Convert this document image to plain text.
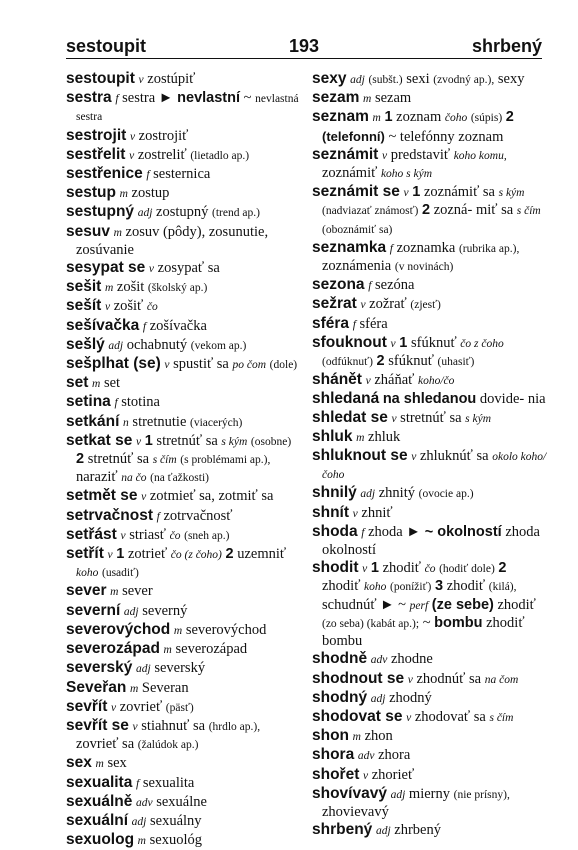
sestoupit	193	shrbený

sestoupit v zostúpiť

sestra f sestra ► nevlastní ~ nevlastná sestra

sestrojit v zostrojiť

sestřelit v zostreliť (lietadlo ap.)

sestřenice f sesternica

sestup m zostup

sestupný adj zostupný (trend ap.)

sesuv m zosuv (pôdy), zosunutie, zosúvanie

sesypat se v zosypať sa

sešit m zošit (školský ap.)

sešít v zošiť čo

sešívačka f zošívačka

sešlý adj ochabnutý (vekom ap.)

sešplhat (se) v spustiť sa po čom (dole)

set m set

setina f stotina

setkání n stretnutie (viacerých)

setkat se v 1 stretnúť sa s kým (osobne) 2 stretnúť sa s čím (s problémami ap.), naraziť na čo (na ťažkosti)

setmět se v zotmieť sa, zotmiť sa

setrvačnost f zotrvačnosť

setřást v striasť čo (sneh ap.)

setřít v 1 zotrieť čo (z čoho) 2 uzemniť koho (usadiť)

sever m sever

severní adj severný

severovýchod m severovýchod

severozápad m severozápad

severský adj severský

Seveřan m Severan

sevřít v zovrieť (päsť)

sevřít se v stiahnuť sa (hrdlo ap.), zovrieť sa (žalúdok ap.)

sex m sex

sexualita f sexualita

sexuálně adv sexuálne

sexuální adj sexuálny

sexuolog m sexuológ

sexy adj (subšt.) sexi (zvodný ap.), sexy

sezam m sezam

seznam m 1 zoznam čoho (súpis) 2 (telefonní) ~ telefónny zoznam

seznámit v predstaviť koho komu, zoznámiť koho s kým

seznámit se v 1 zoznámiť sa s kým (nadviazať známosť) 2 zozná- miť sa s čím (oboznámiť sa)

seznamka f zoznamka (rubrika ap.), zoznámenia (v novinách)

sezona f sezóna

sežrat v zožrať (zjesť)

sféra f sféra

sfouknout v 1 sfúknuť čo z čoho (odfúknuť) 2 sfúknuť (uhasiť)

shánět v zháňať koho/čo

shledaná na shledanou dovide- nia

shledat se v stretnúť sa s kým

shluk m zhluk

shluknout se v zhluknúť sa okolo koho/čoho

shnilý adj zhnitý (ovocie ap.)

shnít v zhniť

shoda f zhoda ► ~ okolností zhoda okolností

shodit v 1 zhodiť čo (hodiť dole) 2 zhodiť koho (ponížiť) 3 zhodiť (kilá), schudnúť ► ~ perf (ze sebe) zhodiť (zo seba) (kabát ap.); ~ bombu zhodiť bombu

shodně adv zhodne

shodnout se v zhodnúť sa na čom

shodný adj zhodný

shodovat se v zhodovať sa s čím

shon m zhon

shora adv zhora

shořet v zhorieť

shovívavý adj mierny (nie prísny), zhovievavý

shrbený adj zhrbený
